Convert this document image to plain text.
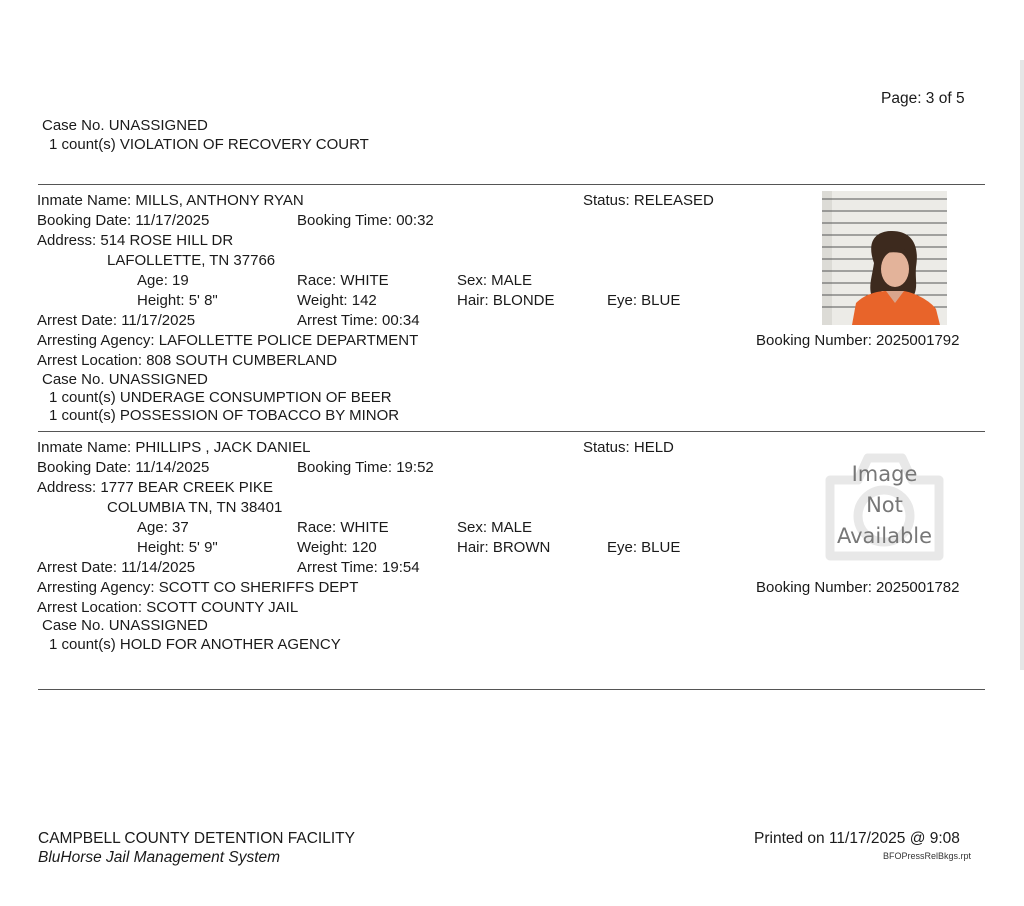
Page: 3 of 5
Case No. UNASSIGNED
1 count(s) VIOLATION OF RECOVERY COURT
Inmate Name: MILLS, ANTHONY RYAN	Status: RELEASED
Booking Date: 11/17/2025	Booking Time: 00:32
Address: 514 ROSE HILL DR
LAFOLLETTE, TN 37766
Age: 19	Race: WHITE	Sex: MALE
Height: 5' 8"	Weight: 142	Hair: BLONDE	Eye: BLUE
Arrest Date: 11/17/2025	Arrest Time: 00:34
Arresting Agency: LAFOLLETTE POLICE DEPARTMENT	Booking Number: 2025001792
Arrest Location: 808 SOUTH CUMBERLAND
Case No. UNASSIGNED
1 count(s) UNDERAGE CONSUMPTION OF BEER
1 count(s) POSSESSION OF TOBACCO BY MINOR
Inmate Name: PHILLIPS , JACK DANIEL	Status: HELD
Booking Date: 11/14/2025	Booking Time: 19:52
Address: 1777 BEAR CREEK PIKE
COLUMBIA TN, TN 38401
Age: 37	Race: WHITE	Sex: MALE
Height: 5' 9"	Weight: 120	Hair: BROWN	Eye: BLUE
Arrest Date: 11/14/2025	Arrest Time: 19:54
Arresting Agency: SCOTT CO SHERIFFS DEPT	Booking Number: 2025001782
Arrest Location: SCOTT COUNTY JAIL
Case No. UNASSIGNED
1 count(s) HOLD FOR ANOTHER AGENCY
Image
Not
Available
CAMPBELL COUNTY DETENTION FACILITY
BluHorse Jail Management System
Printed on 11/17/2025 @ 9:08
BFOPressRelBkgs.rpt
